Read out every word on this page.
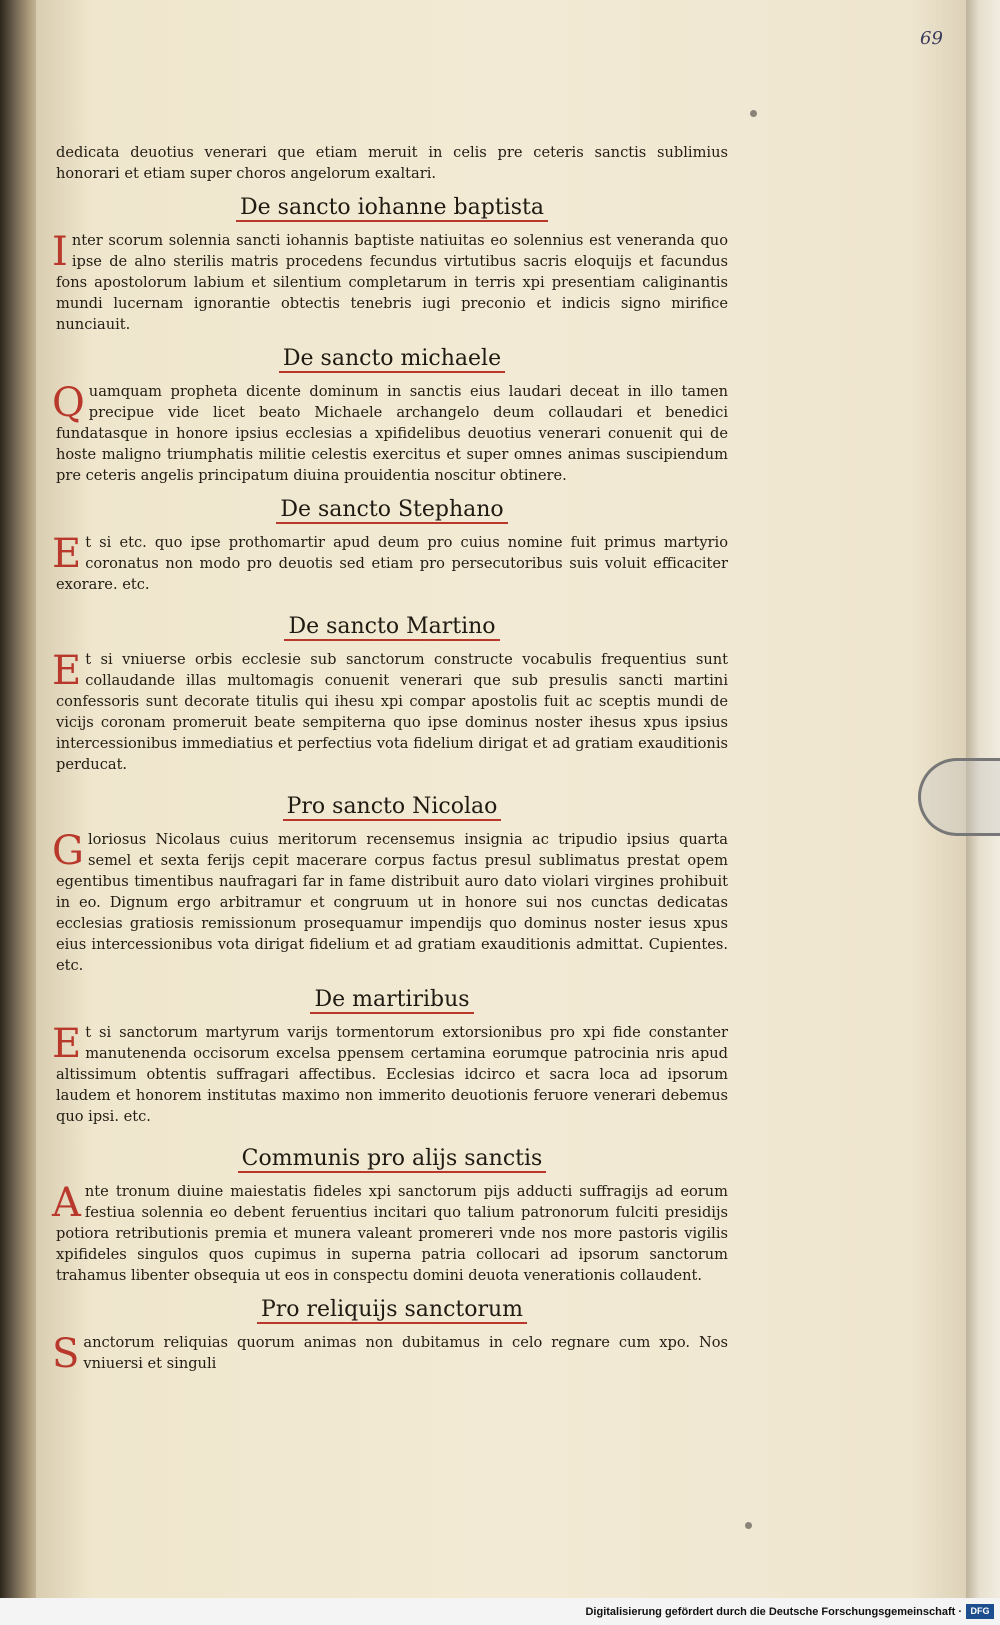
69

dedicata deuotius venerari que etiam meruit in celis pre ceteris sanctis sublimius honorari et etiam super choros angelorum exaltari.

De sancto iohanne baptista

Inter scorum solennia sancti iohannis baptiste natiuitas eo solennius est veneranda quo ipse de alno sterilis matris procedens fecundus virtutibus sacris eloquijs et facundus fons apostolorum labium et silentium completarum in terris xpi presentiam caliginantis mundi lucernam ignorantie obtectis tenebris iugi preconio et indicis signo mirifice nunciauit.

De sancto michaele

Quamquam propheta dicente dominum in sanctis eius laudari deceat in illo tamen precipue vide licet beato Michaele archangelo deum collaudari et benedici fundatasque in honore ipsius ecclesias a xpifidelibus deuotius venerari conuenit qui de hoste maligno triumphatis militie celestis exercitus et super omnes animas suscipiendum pre ceteris angelis principatum diuina prouidentia noscitur obtinere.

De sancto Stephano

Et si etc. quo ipse prothomartir apud deum pro cuius nomine fuit primus martyrio coronatus non modo pro deuotis sed etiam pro persecutoribus suis voluit efficaciter exorare. etc.

De sancto Martino

Et si vniuerse orbis ecclesie sub sanctorum constructe vocabulis frequentius sunt collaudande illas multomagis conuenit venerari que sub presulis sancti martini confessoris sunt decorate titulis qui ihesu xpi compar apostolis fuit ac sceptis mundi de vicijs coronam promeruit beate sempiterna quo ipse dominus noster ihesus xpus ipsius intercessionibus immediatius et perfectius vota fidelium dirigat et ad gratiam exauditionis perducat.

Pro sancto Nicolao

Gloriosus Nicolaus cuius meritorum recensemus insignia ac tripudio ipsius quarta semel et sexta ferijs cepit macerare corpus factus presul sublimatus prestat opem egentibus timentibus naufragari far in fame distribuit auro dato violari virgines prohibuit in eo. Dignum ergo arbitramur et congruum ut in honore sui nos cunctas dedicatas ecclesias gratiosis remissionum prosequamur impendijs quo dominus noster iesus xpus eius intercessionibus vota dirigat fidelium et ad gratiam exauditionis admittat. Cupientes. etc.

De martiribus

Et si sanctorum martyrum varijs tormentorum extorsionibus pro xpi fide constanter manutenenda occisorum excelsa ppensem certamina eorumque patrocinia nris apud altissimum obtentis suffragari affectibus. Ecclesias idcirco et sacra loca ad ipsorum laudem et honorem institutas maximo non immerito deuotionis feruore venerari debemus quo ipsi. etc.

Communis pro alijs sanctis

Ante tronum diuine maiestatis fideles xpi sanctorum pijs adducti suffragijs ad eorum festiua solennia eo debent feruentius incitari quo talium patronorum fulciti presidijs potiora retributionis premia et munera valeant promereri vnde nos more pastoris vigilis xpifideles singulos quos cupimus in superna patria collocari ad ipsorum sanctorum trahamus libenter obsequia ut eos in conspectu domini deuota venerationis collaudent.

Pro reliquijs sanctorum

Sanctorum reliquias quorum animas non dubitamus in celo regnare cum xpo. Nos vniuersi et singuli

Digitalisierung gefördert durch die Deutsche Forschungsgemeinschaft · DFG
